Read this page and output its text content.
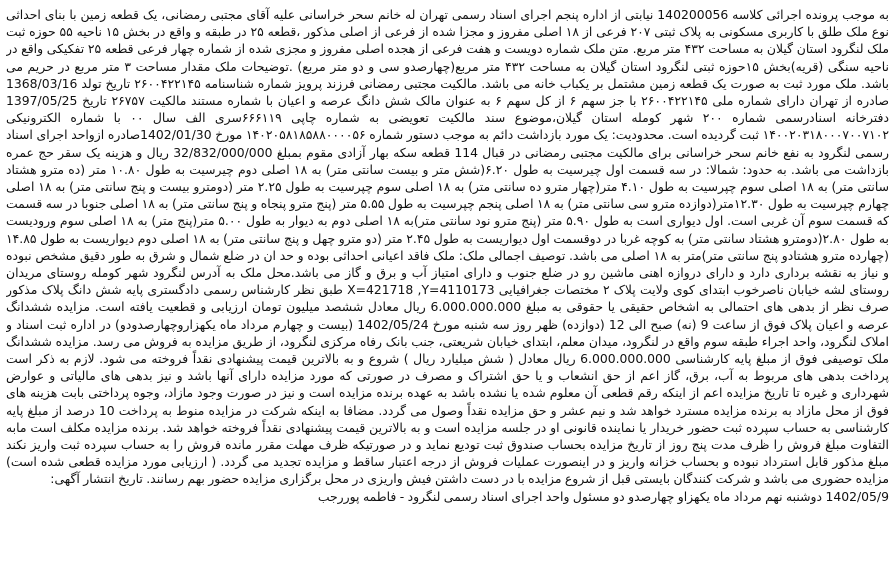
به موجب پرونده اجرائی کلاسه 140200056 نیابتی از اداره پنجم اجرای اسناد رسمی تهران له خانم سحر خراسانی علیه آقای مجتبی رمضانی، یک قطعه زمین با بنای احداثی نوع ملک طلق با کاربری مسکونی به پلاک ثبتی ۲۰۷ فرعی از ۱۸ اصلی مفروز و مجزا شده از فرعی از اصلی مذکور ،قطعه ۲۵ در طبقه و واقع در بخش ۱۵ ناحیه ۵۵ حوزه ثبت ملک لنگرود استان گیلان به مساحت ۴۳۲ متر مربع. متن ملک شماره دویست و هفت فرعی از هجده اصلی مفروز و مجزی شده از شماره چهار فرعی قطعه ۲۵ تفکیکی واقع در ناحیه سنگی (قریه)بخش ۱۵حوزه ثبتی لنگرود استان گیلان به مساحت ۴۳۲ متر مربع(چهارصدو سی و دو متر مربع) .توضیحات ملک مقدار مساحت ۳ متر مربع در حریم می باشد. ملک مورد ثبت به صورت یک قطعه زمین مشتمل بر یکباب خانه می باشد. مالکیت مجتبی رمضانی فرزند پرویز شماره شناسنامه ۲۶۰۰۴۲۲۱۴۵ تاریخ تولد 1368/03/16 صادره از تهران دارای شماره ملی ۲۶۰۰۴۲۲۱۴۵ با جز سهم ۶ از کل سهم ۶ به عنوان مالک شش دانگ عرصه و اعیان با شماره مستند مالکیت ۲۶۷۵۷ تاریخ 1397/05/25 دفترخانه اسنادرسمی شماره ۲۰۰ شهر کومله استان گیلان،موضوع سند مالکیت تعویضی به شماره چاپی ۶۶۶۱۱۹سری الف سال ۰۰ با شماره الکترونیکی ۱۴۰۰۲۰۳۱۸۰۰۰۷۰۰۷۱۰۲ ثبت گردیده است. محدودیت: یک مورد بازداشت دائم به موجب دستور شماره ۱۴۰۲۰۵۸۱۸۵۸۸۰۰۰۰۵۶ مورخ 1402/01/30صادره ازواحد اجرای اسناد رسمی لنگرود به نفع خانم سحر خراسانی برای مالکیت مجتبی رمضانی در قبال 114 قطعه سکه بهار آزادی مقوم بمبلغ 32/832/000/000 ریال و هزینه یک سقر حج عمره بازداشت می باشد. به حدود: شمالا: در سه قسمت اول چیرسیت به طول ۶.۲۰(شش متر و بیست سانتی متر) به ۱۸ اصلی دوم چیرسیت به طول ۱۰.۸۰ متر (ده مترو هشتاد سانتی متر) به ۱۸ اصلی سوم چپرسیت به طول ۴.۱۰ متر(چهار مترو ده سانتی متر) به ۱۸ اصلی سوم چپرسیت به طول ۲.۲۵ متر (دومترو بیست و پنج سانتی متر) به ۱۸ اصلی چهارم چپرسیت به طول ۱۲.۳۰متر(دوازده مترو سی سانتی متر) به ۱۸ اصلی پنجم چپرسیت به طول ۵.۵۵ متر (پنج مترو پنجاه و پنج سانتی متر) به ۱۸ اصلی جنوبا در سه قسمت که قسمت سوم آن غربی است. اول دیواری است به طول ۵.۹۰ متر (پنج مترو نود سانتی متر)به ۱۸ اصلی دوم به دیوار به طول ۵.۰۰ متر(پنج متر) به ۱۸ اصلی سوم ورودیست به طول ۲.۸۰(دومترو هشتاد سانتی متر) به کوچه غربا در دوقسمت اول دیواریست به طول ۲.۴۵ متر (دو مترو چهل و پنج سانتی متر) به ۱۸ اصلی دوم دیواریست به طول ۱۴.۸۵ (چهارده مترو هشتادو پنج سانتی متر)متر به ۱۸ اصلی می باشد. توصیف اجمالی ملک: ملک فاقد اعیانی احداثی بوده و حد ان در ضلع شمال و شرق به طور دقیق مشخص نبوده و نیاز به نقشه برداری دارد و دارای دروازه اهنی ماشین رو در ضلع جنوب و دارای امتیاز آب و برق و گاز می باشد.محل ملک به آدرس لنگرود شهر کومله روستای مریدان روستای لشه خیابان ناصرخوب ابتدای کوی ولایت پلاک ۲ مختصات جغرافیایی X=421718 ,Y=4110173 طبق نظر کارشناس رسمی دادگستری پایه شش دانگ پلاک مذکور صرف نظر از بدهی های احتمالی به اشخاص حقیقی یا حقوقی به مبلغ 6.000.000.000 ریال معادل ششصد میلیون تومان ارزیابی و قطعیت یافته است. مزایده ششدانگ عرصه و اعیان پلاک فوق از ساعت 9 (نه) صبح الی 12 (دوازده) ظهر روز سه شنبه مورخ 1402/05/24 (بیست و چهارم مرداد ماه یکهزاروچهارصدودو) در اداره ثبت اسناد و املاک لنگرود، واحد اجراء طبقه سوم واقع در لنگرود، میدان معلم، ابتدای خیابان شریعتی، جنب بانک رفاه مرکزی لنگرود، از طریق مزایده به فروش می رسد. مزایده ششدانگ ملک توصیفی فوق از مبلغ پایه کارشناسی 6.000.000.000 ریال معادل ( شش میلیارد ریال ) شروع و به بالاترین قیمت پیشنهادی نقداً فروخته می شود. لازم به ذکر است پرداخت بدهی های مربوط به آب، برق، گاز اعم از حق انشعاب و یا حق اشتراک و مصرف در صورتی که مورد مزایده دارای آنها باشد و نیز بدهی های مالیاتی و عوارض شهرداری و غیره تا تاریخ مزایده اعم از اینکه رقم قطعی آن معلوم شده یا نشده باشد به عهده برنده مزایده است و نیز در صورت وجود مازاد، وجوه پرداختی بابت هزینه های فوق از محل مازاد به برنده مزایده مسترد خواهد شد و نیم عشر و حق مزایده نقداً وصول می گردد. مضافا به اینکه شرکت در مزایده منوط به پرداخت 10 درصد از مبلغ پایه کارشناسی به حساب سپرده ثبت حضور خریدار یا نماینده قانونی او در جلسه مزایده است و به بالاترین قیمت پیشنهادی نقداً فروخته خواهد شد. برنده مزایده مکلف است مابه التفاوت مبلغ فروش را ظرف مدت پنج روز از تاریخ مزایده بحساب صندوق ثبت تودیع نماید و در صورتیکه ظرف مهلت مقرر مانده فروش را به حساب سپرده ثبت واریز نکند مبلغ مذکور قابل استرداد نبوده و بحساب خزانه واریز و در اینصورت عملیات فروش از درجه اعتبار ساقط و مزایده تجدید می گردد. ( ارزیابی مورد مزایده قطعی شده است) مزایده حضوری می باشد و شرکت کنندگان بایستی قبل از شروع مزایده با در دست داشتن فیش واریزی در محل برگزاری مزایده حضور بهم رسانند. تاریخ انتشار آگهی:

1402/05/9 دوشنبه نهم مرداد ماه یکهزاو چهارصدو دو مسئول واحد اجرای اسناد رسمی لنگرود - فاطمه پوررجب
